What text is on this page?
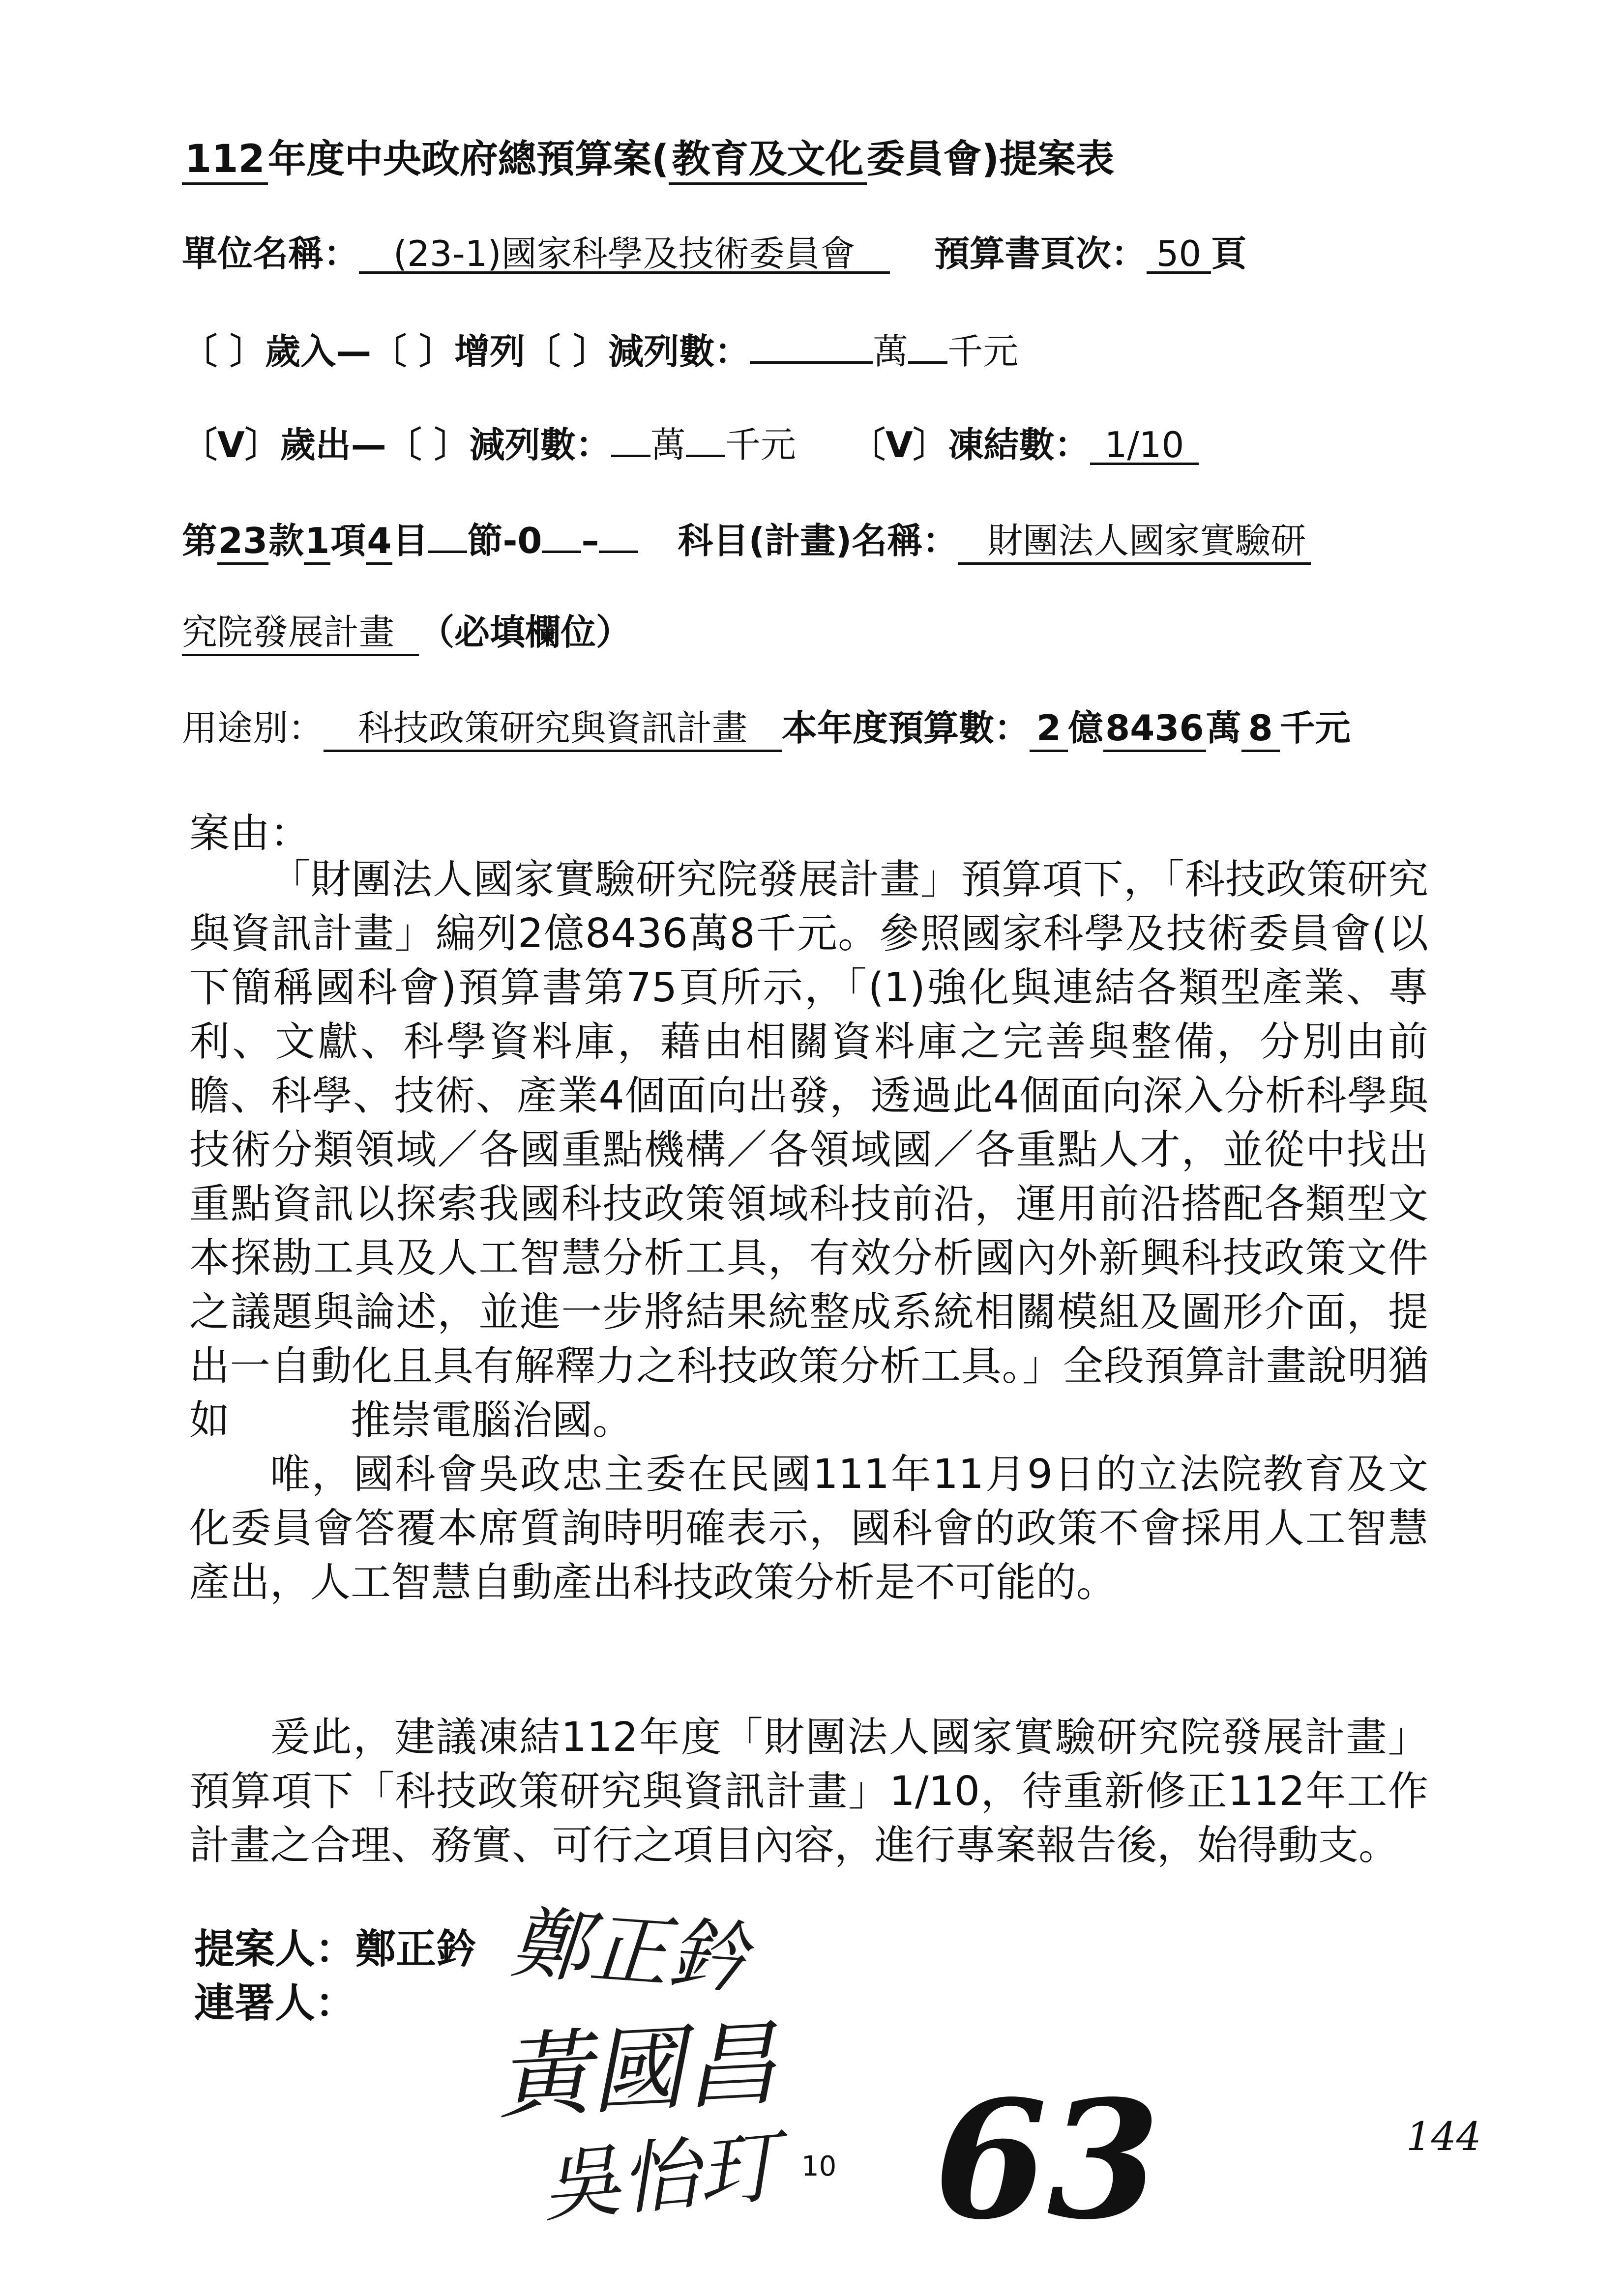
112年度中央政府總預算案(教育及文化委員會)提案表
單位名稱： (23-1)國家科學及技術委員會 預算書頁次： 50 頁
〔 〕歲入—〔 〕增列〔 〕減列數：	萬 千元
〔V〕歲出—〔 〕減列數： 萬 千元 〔V〕凍結數： 1/10
第23款1項4目 節-0 – 科目(計畫)名稱： 財團法人國家實驗研
究院發展計畫 （必填欄位）
用途別： 科技政策研究與資訊計畫 本年度預算數： 2 億8436萬 8 千元
案由：
「財團法人國家實驗研究院發展計畫」預算項下，「科技政策研究與資訊計畫」編列2億8436萬8千元。參照國家科學及技術委員會(以下簡稱國科會)預算書第75頁所示，「(1)強化與連結各類型產業、專利、文獻、科學資料庫，藉由相關資料庫之完善與整備，分別由前瞻、科學、技術、產業4個面向出發，透過此4個面向深入分析科學與技術分類領域／各國重點機構／各領域國／各重點人才，並從中找出重點資訊以探索我國科技政策領域科技前沿，運用前沿搭配各類型文本探勘工具及人工智慧分析工具，有效分析國內外新興科技政策文件之議題與論述，並進一步將結果統整成系統相關模組及圖形介面，提出一自動化且具有解釋力之科技政策分析工具。」全段預算計畫說明猶如　　　推崇電腦治國。
唯，國科會吳政忠主委在民國111年11月9日的立法院教育及文化委員會答覆本席質詢時明確表示，國科會的政策不會採用人工智慧產出，人工智慧自動產出科技政策分析是不可能的。
爰此，建議凍結112年度「財團法人國家實驗研究院發展計畫」預算項下「科技政策研究與資訊計畫」1/10，待重新修正112年工作計畫之合理、務實、可行之項目內容，進行專案報告後，始得動支。
提案人：鄭正鈐
連署人： 鄭正鈐
黃國昌
吳怡玎 10 63	144
